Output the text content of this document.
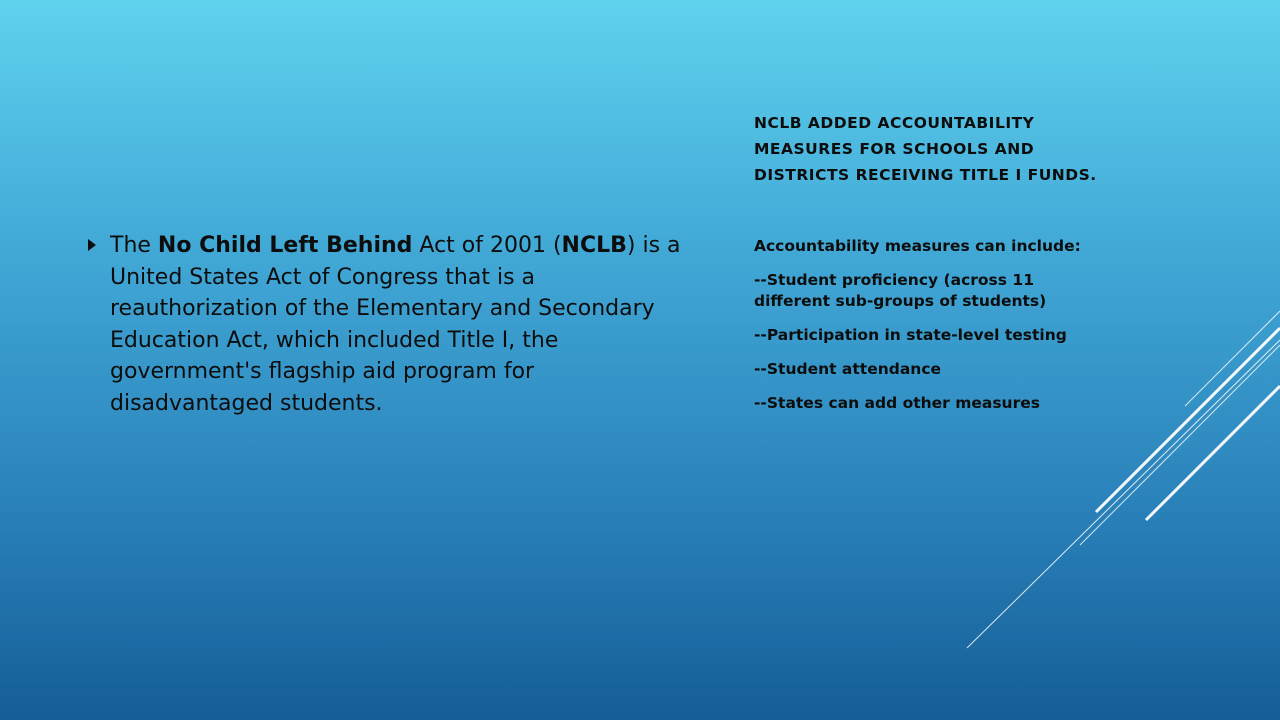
The No Child Left Behind Act of 2001 (NCLB) is a United States Act of Congress that is a reauthorization of the Elementary and Secondary Education Act, which included Title I, the government's flagship aid program for disadvantaged students.

NCLB ADDED ACCOUNTABILITY MEASURES FOR SCHOOLS AND DISTRICTS RECEIVING TITLE I FUNDS.

Accountability measures can include:

--Student proficiency (across 11 different sub-groups of students)

--Participation in state-level testing

--Student attendance

--States can add other measures
